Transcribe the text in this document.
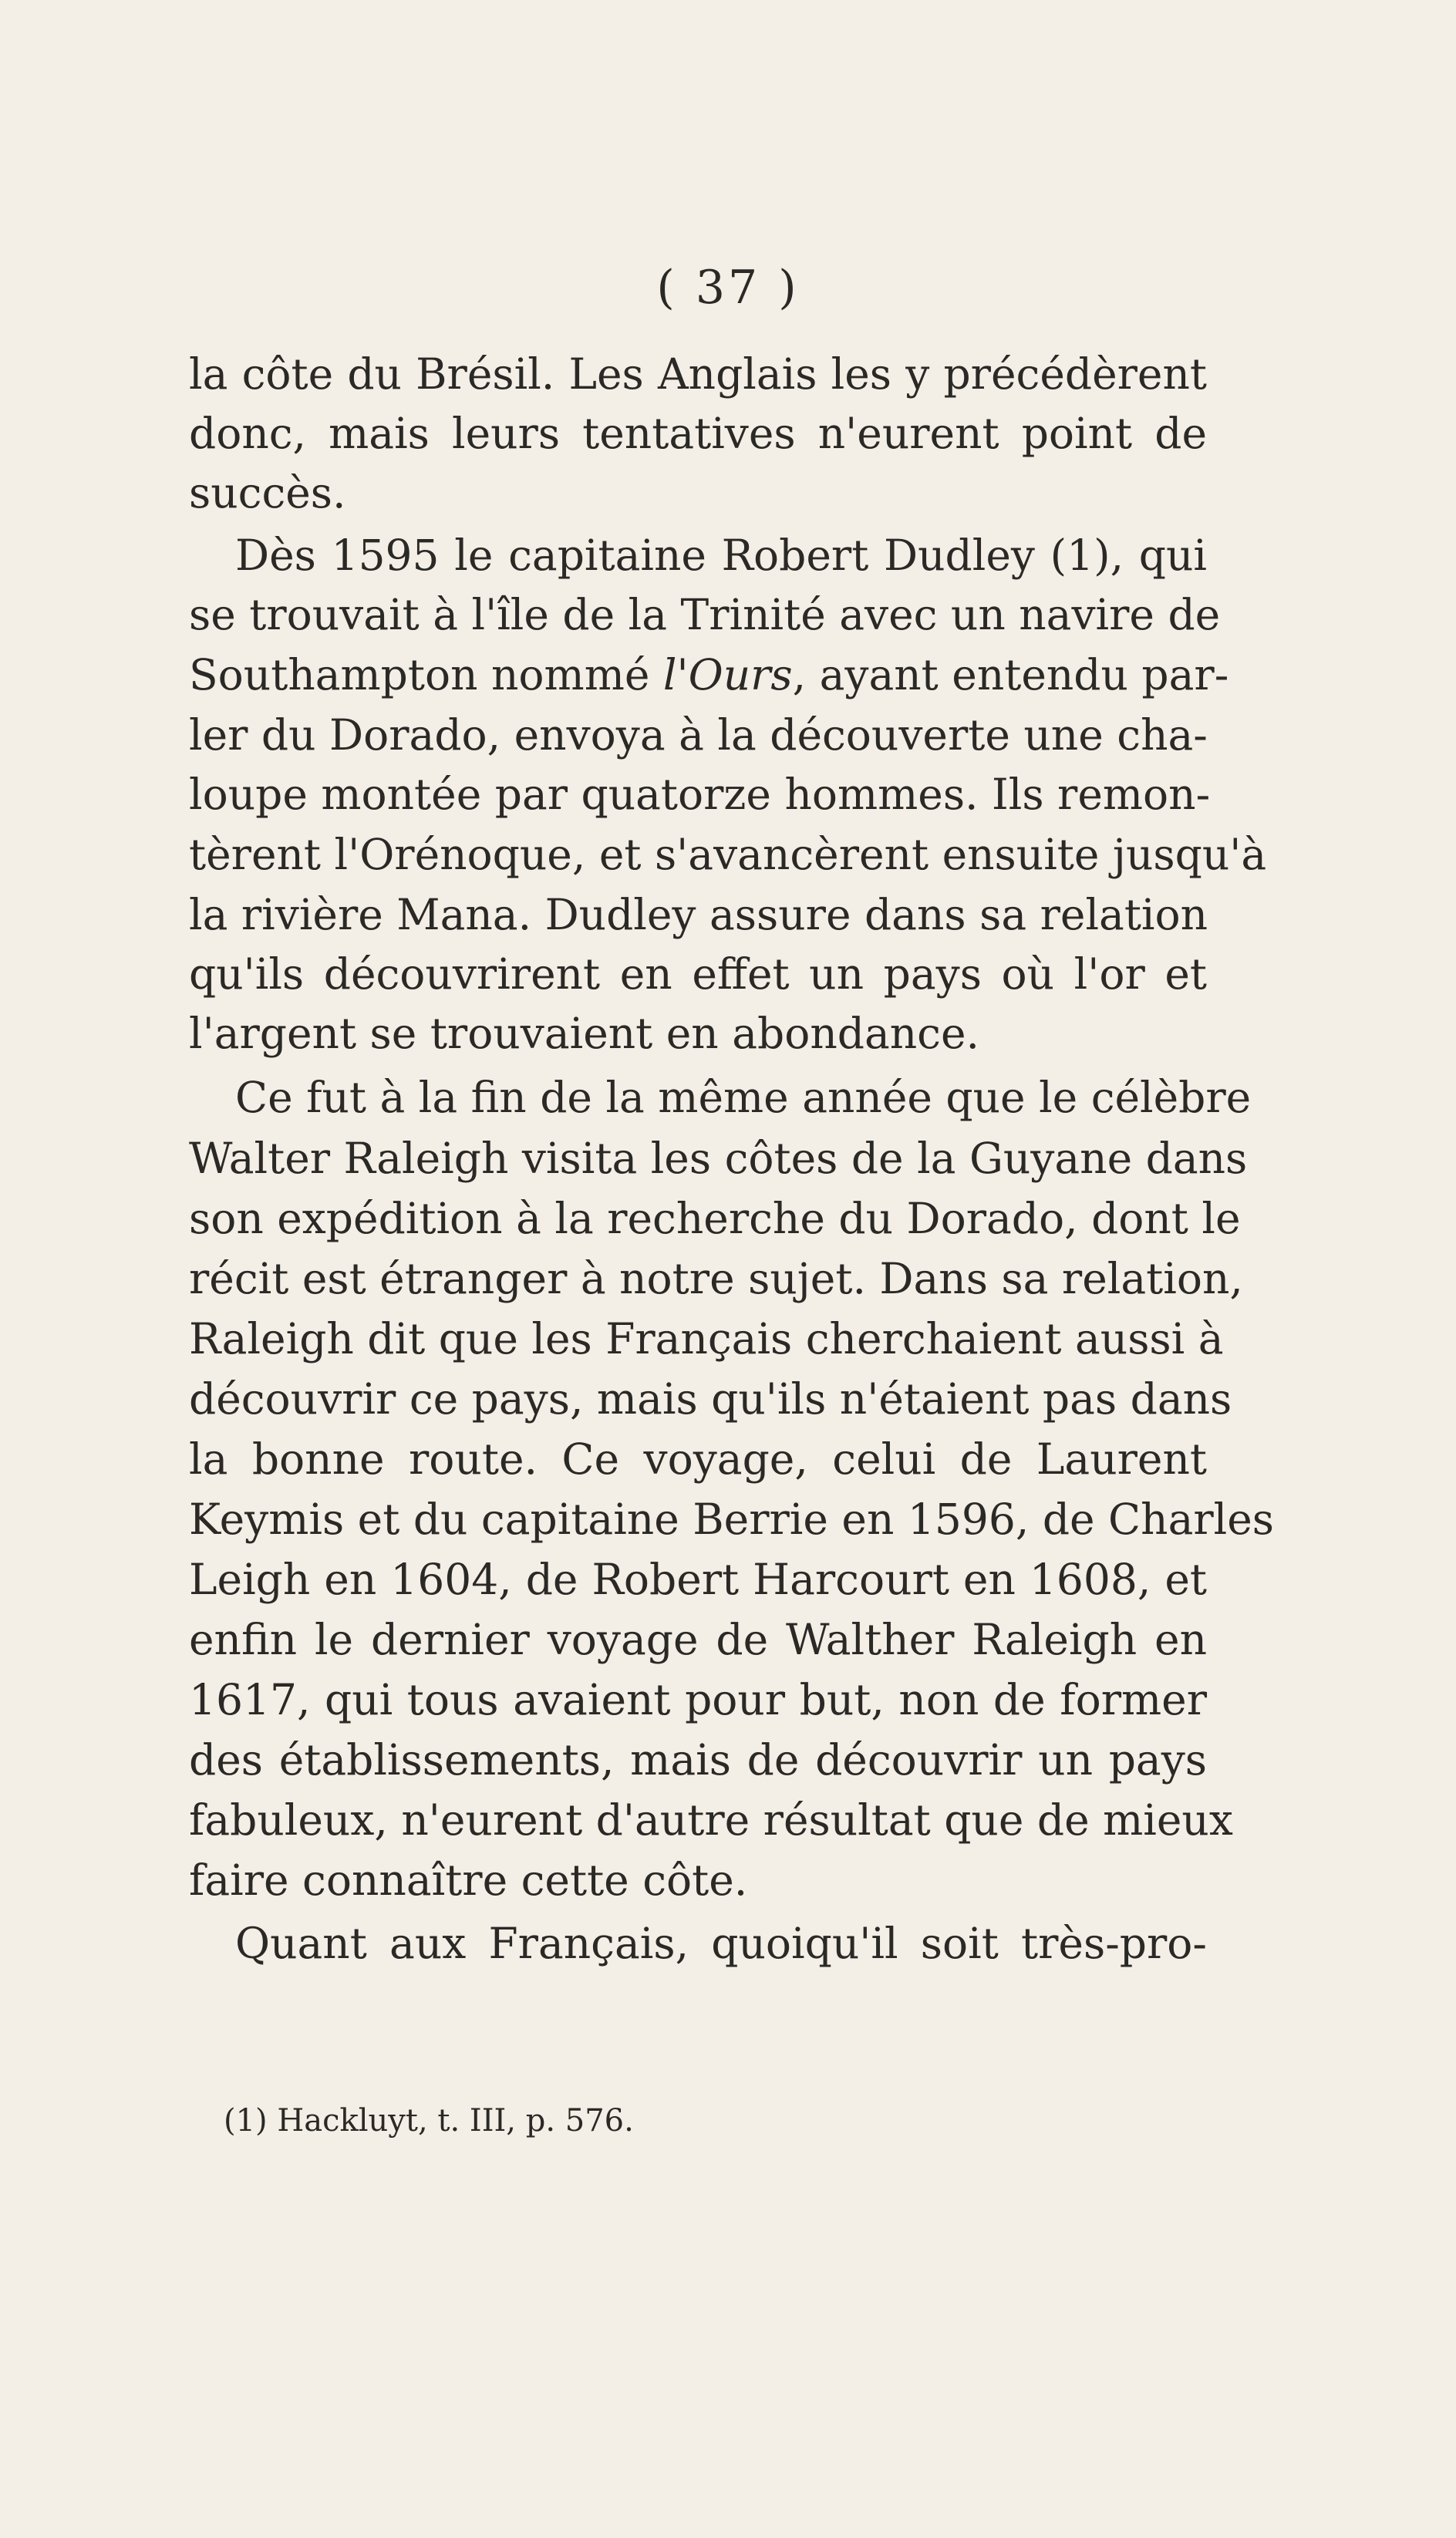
( 37 )
la côte du Brésil. Les Anglais les y précédèrent
donc, mais leurs tentatives n'eurent point de
succès.
Dès 1595 le capitaine Robert Dudley (1), qui
se trouvait à l'île de la Trinité avec un navire de
Southampton nommé l'Ours, ayant entendu par-
ler du Dorado, envoya à la découverte une cha-
loupe montée par quatorze hommes. Ils remon-
tèrent l'Orénoque, et s'avancèrent ensuite jusqu'à
la rivière Mana. Dudley assure dans sa relation
qu'ils découvrirent en effet un pays où l'or et
l'argent se trouvaient en abondance.
Ce fut à la fin de la même année que le célèbre
Walter Raleigh visita les côtes de la Guyane dans
son expédition à la recherche du Dorado, dont le
récit est étranger à notre sujet. Dans sa relation,
Raleigh dit que les Français cherchaient aussi à
découvrir ce pays, mais qu'ils n'étaient pas dans
la bonne route. Ce voyage, celui de Laurent
Keymis et du capitaine Berrie en 1596, de Charles
Leigh en 1604, de Robert Harcourt en 1608, et
enfin le dernier voyage de Walther Raleigh en
1617, qui tous avaient pour but, non de former
des établissements, mais de découvrir un pays
fabuleux, n'eurent d'autre résultat que de mieux
faire connaître cette côte.
Quant aux Français, quoiqu'il soit très-pro-
(1) Hackluyt, t. III, p. 576.
